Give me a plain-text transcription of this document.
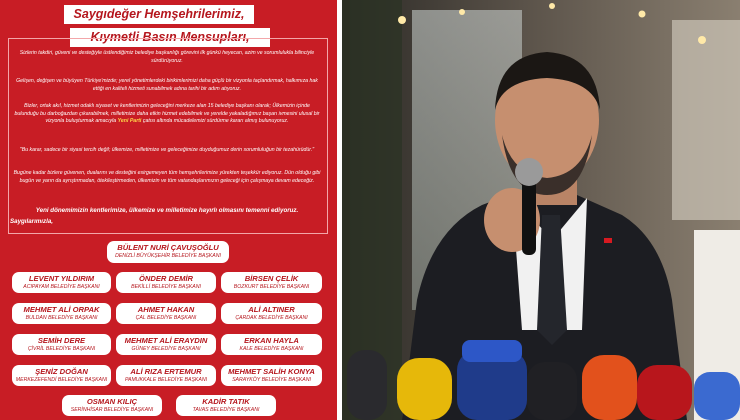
Saygıdeğer Hemşehrilerimiz,
Kıymetli Basın Mensupları,
Sizlerin takdiri, güveni ve desteğiyle üstlendiğimiz belediye başkanlığı görevini ilk günkü heyecan, azim ve sorumlulukla bilinciyle sürdürüyoruz.
Gelişen, değişen ve büyüyen Türkiye'mizde; yerel yönetimlerdeki birikimlerimizi daha güçlü bir vizyonla taçlandırmak, halkımıza hak ettiği en kaliteli hizmeti sunabilmek adına tarihi bir adım atıyoruz.
Bizler, ortak akıl, hizmet odaklı siyaset ve kentlerimizin geleceğini merkeze alan 15 belediye başkanı olarak; Ülkemizin içinde bulunduğu bu darboğazdan çıkarabilmek, milletimize daha etkin hizmet edebilmek ve yerelde yakaladığımız başarı ivmesini ulusal bir vizyonla buluşturmak amacıyla Yeni Parti çatısı altında mücadelemizi sürdürme kararı almış bulunuyoruz.
"Bu karar, sadece bir siyasi tercih değil; ülkemize, milletimize ve geleceğimize duyduğumuz derin sorumluluğun bir tezahürüdür."
Bugüne kadar bizlere güvenen, dualarını ve desteğini esirgemeyen tüm hemşehrilerimize yürekten teşekkür ediyoruz. Dün olduğu gibi bugün ve yarın da ayrıştırmadan, ötekileştirmeden, ülkemizin ve tüm vatandaşlarımızın geleceği için çalışmaya devam edeceğiz.
Yeni dönemimizin kentlerimize, ülkemize ve milletimize hayırlı olmasını temenni ediyoruz.
Saygılarımızla,
BÜLENT NURİ ÇAVUŞOĞLU
DENİZLİ BÜYÜKŞEHİR BELEDİYE BAŞKANI
LEVENT YILDIRIM
ACIPAYAM BELEDİYE BAŞKANI
ÖNDER DEMİR
BEKİLLİ BELEDİYE BAŞKANI
BİRSEN ÇELİK
BOZKURT BELEDİYE BAŞKANI
MEHMET ALİ ORPAK
BULDAN BELEDİYE BAŞKANI
AHMET HAKAN
ÇAL BELEDİYE BAŞKANI
ALİ ALTINER
ÇARDAK BELEDİYE BAŞKANI
SEMİH DERE
ÇİVRİL BELEDİYE BAŞKANI
MEHMET ALİ ERAYDIN
GÜNEY BELEDİYE BAŞKANI
ERKAN HAYLA
KALE BELEDİYE BAŞKANI
ŞENİZ DOĞAN
MERKEZEFENDİ BELEDİYE BAŞKANI
ALİ RIZA ERTEMUR
PAMUKKALE BELEDİYE BAŞKANI
MEHMET SALİH KONYA
SARAYKÖY BELEDİYE BAŞKANI
OSMAN KILIÇ
SERİNHİSAR BELEDİYE BAŞKANI
KADİR TATIK
TAVAS BELEDİYE BAŞKANI
